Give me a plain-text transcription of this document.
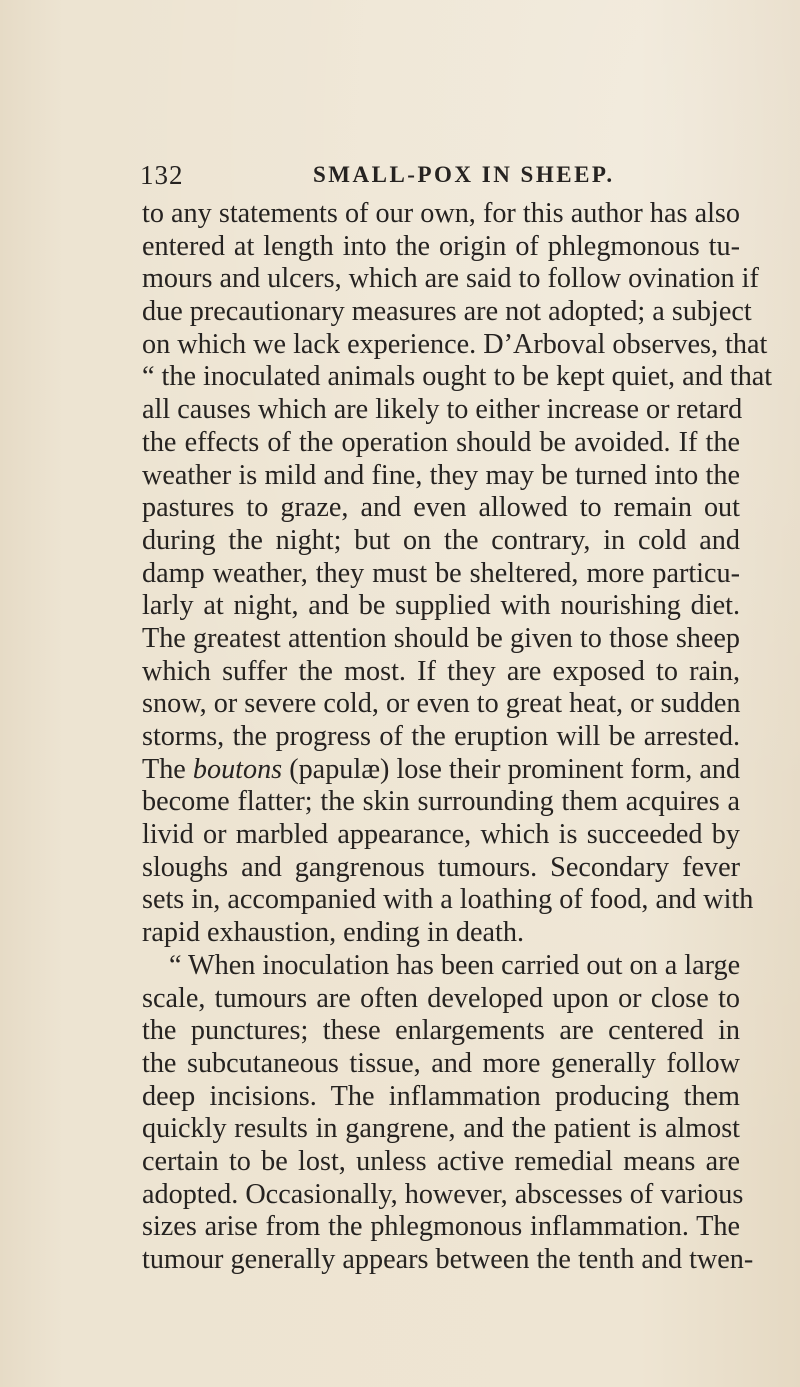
132	SMALL-POX IN SHEEP.
to any statements of our own, for this author has also
entered at length into the origin of phlegmonous tu-
mours and ulcers, which are said to follow ovination if
due precautionary measures are not adopted; a subject
on which we lack experience. D’Arboval observes, that
“ the inoculated animals ought to be kept quiet, and that
all causes which are likely to either increase or retard
the effects of the operation should be avoided. If the
weather is mild and fine, they may be turned into the
pastures to graze, and even allowed to remain out
during the night; but on the contrary, in cold and
damp weather, they must be sheltered, more particu-
larly at night, and be supplied with nourishing diet.
The greatest attention should be given to those sheep
which suffer the most. If they are exposed to rain,
snow, or severe cold, or even to great heat, or sudden
storms, the progress of the eruption will be arrested.
The boutons (papulæ) lose their prominent form, and
become flatter; the skin surrounding them acquires a
livid or marbled appearance, which is succeeded by
sloughs and gangrenous tumours. Secondary fever
sets in, accompanied with a loathing of food, and with
rapid exhaustion, ending in death.
“ When inoculation has been carried out on a large
scale, tumours are often developed upon or close to
the punctures; these enlargements are centered in
the subcutaneous tissue, and more generally follow
deep incisions. The inflammation producing them
quickly results in gangrene, and the patient is almost
certain to be lost, unless active remedial means are
adopted. Occasionally, however, abscesses of various
sizes arise from the phlegmonous inflammation. The
tumour generally appears between the tenth and twen-
